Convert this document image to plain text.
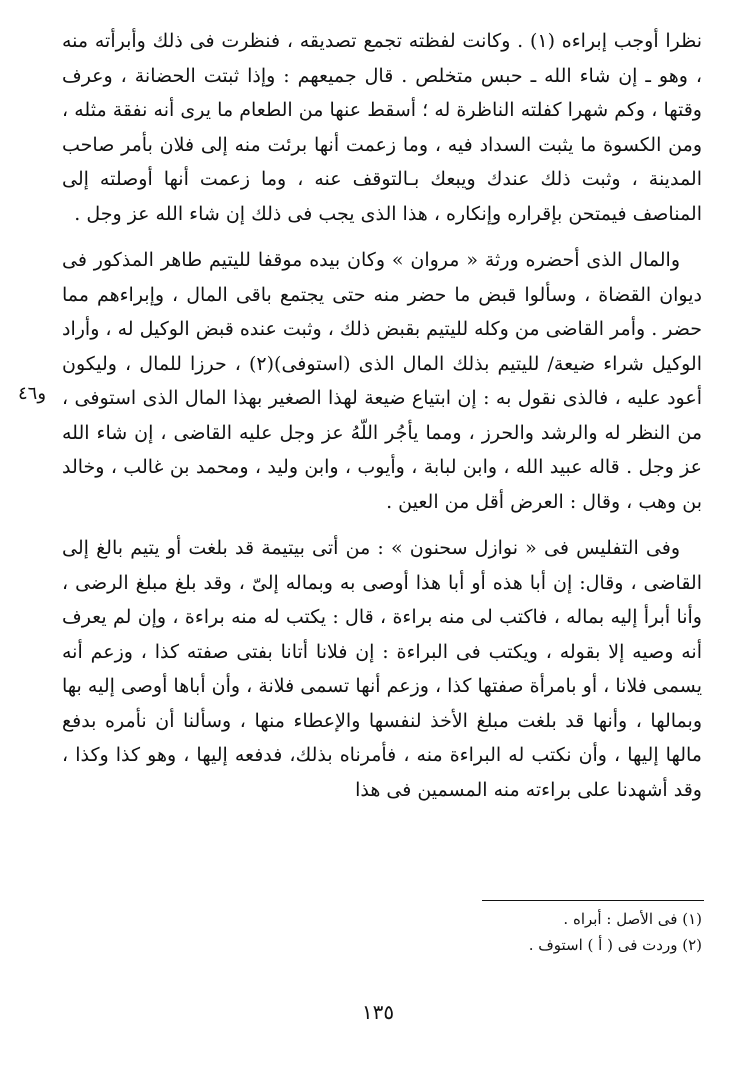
نظرا أوجب إبراءه (١) . وكانت لفظته تجمع تصديقه ، فنظرت فى ذلك وأبرأته منه ، وهو ـ إن شاء الله ـ حبس متخلص . قال جميعهم : وإذا ثبتت الحضانة ، وعرف وقتها ، وكم شهرا كفلته الناظرة له ؛ أسقط عنها من الطعام ما يرى أنه نفقة مثله ، ومن الكسوة ما يثبت السداد فيه ، وما زعمت أنها برئت منه إلى فلان بأمر صاحب المدينة ، وثبت ذلك عندك ويبعك بـالتوقف عنه ، وما زعمت أنها أوصلته إلى المناصف فيمتحن بإقراره وإنكاره ، هذا الذى يجب فى ذلك إن شاء الله عز وجل .

والمال الذى أحضره ورثة « مروان » وكان بيده موقفا لليتيم طاهر المذكور فى ديوان القضاة ، وسألوا قبض ما حضر منه حتى يجتمع باقى المال ، وإبراءهم مما حضر . وأمر القاضى من وكله لليتيم بقبض ذلك ، وثبت عنده قبض الوكيل له ، وأراد الوكيل شراء ضيعة/ لليتيم بذلك المال الذى (استوفى)(٢) ، حرزا للمال ، وليكون أعود عليه ، فالذى نقول به : إن ابتياع ضيعة لهذا الصغير بهذا المال الذى استوفى ، من النظر له والرشد والحرز ، ومما يأجُر اللّهُ عز وجل عليه القاضى ، إن شاء الله عز وجل . قاله عبيد الله ، وابن لبابة ، وأيوب ، وابن وليد ، ومحمد بن غالب ، وخالد بن وهب ، وقال : العرض أقل من العين .

وفى التفليس فى « نوازل سحنون » : من أتى بيتيمة قد بلغت أو يتيم بالغ إلى القاضى ، وقال: إن أبا هذه أو أبا هذا أوصى به وبماله إلىّ ، وقد بلغ مبلغ الرضى ، وأنا أبرأ إليه بماله ، فاكتب لى منه براءة ، قال : يكتب له منه براءة ، وإن لم يعرف أنه وصيه إلا بقوله ، ويكتب فى البراءة : إن فلانا أتانا بفتى صفته كذا ، وزعم أنه يسمى فلانا ، أو بامرأة صفتها كذا ، وزعم أنها تسمى فلانة ، وأن أباها أوصى إليه بها وبمالها ، وأنها قد بلغت مبلغ الأخذ لنفسها والإعطاء منها ، وسألنا أن نأمره بدفع مالها إليها ، وأن نكتب له البراءة منه ، فأمرناه بذلك، فدفعه إليها ، وهو كذا وكذا ، وقد أشهدنا على براءته منه المسمين فى هذا

و٤٦
(١) فى الأصل : أبراه .
(٢) وردت فى ( أ ) استوف .
١٣٥
